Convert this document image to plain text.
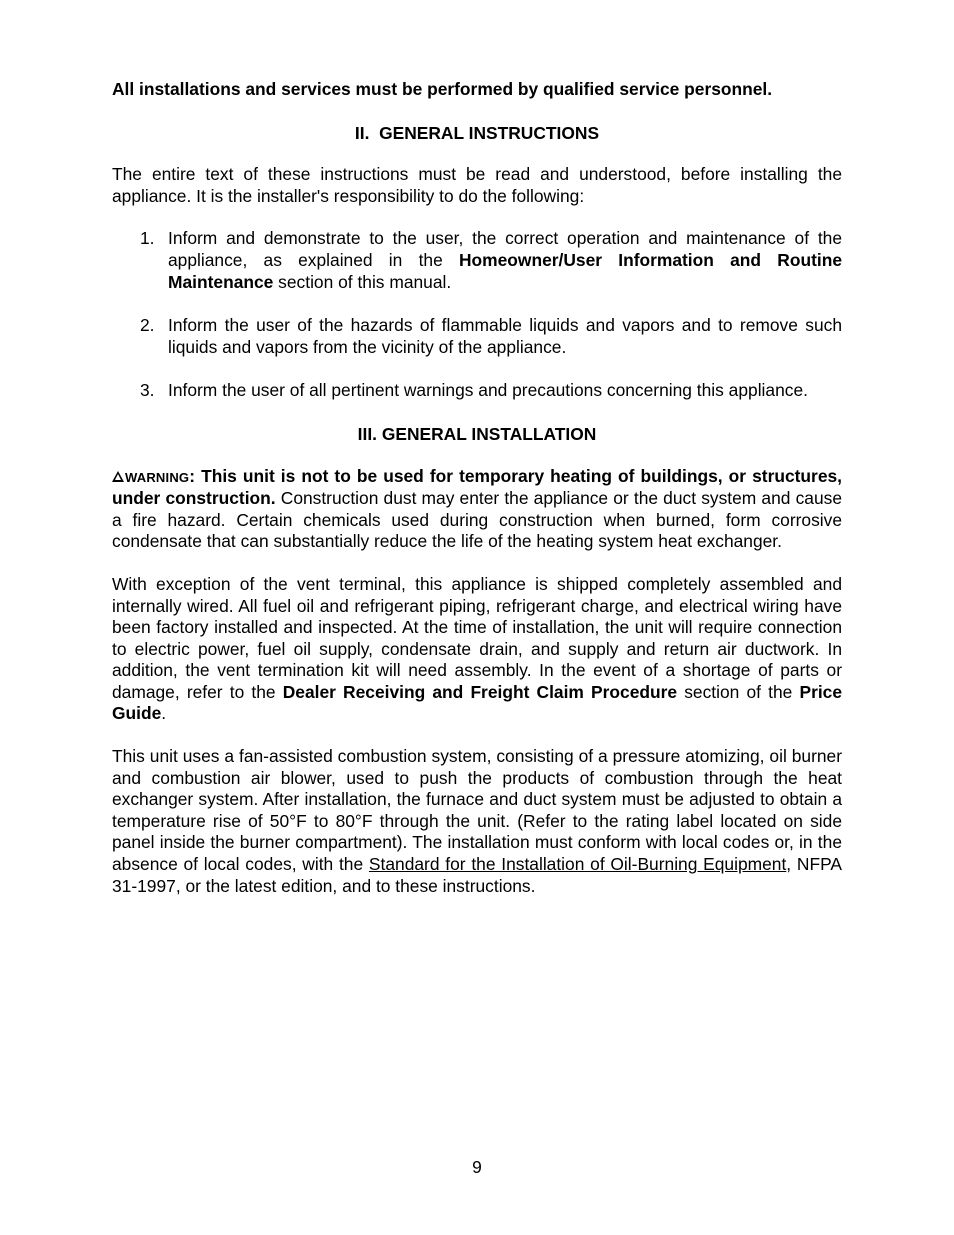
All installations and services must be performed by qualified service personnel.

II.  GENERAL INSTRUCTIONS

The entire text of these instructions must be read and understood, before installing the appliance. It is the installer's responsibility to do the following:

1. Inform and demonstrate to the user, the correct operation and maintenance of the appliance, as explained in the Homeowner/User Information and Routine Maintenance section of this manual.
2. Inform the user of the hazards of flammable liquids and vapors and to remove such liquids and vapors from the vicinity of the appliance.
3. Inform the user of all pertinent warnings and precautions concerning this appliance.

III. GENERAL INSTALLATION

WARNING: This unit is not to be used for temporary heating of buildings, or structures, under construction. Construction dust may enter the appliance or the duct system and cause a fire hazard. Certain chemicals used during construction when burned, form corrosive condensate that can substantially reduce the life of the heating system heat exchanger.

With exception of the vent terminal, this appliance is shipped completely assembled and internally wired. All fuel oil and refrigerant piping, refrigerant charge, and electrical wiring have been factory installed and inspected. At the time of installation, the unit will require connection to electric power, fuel oil supply, condensate drain, and supply and return air ductwork. In addition, the vent termination kit will need assembly. In the event of a shortage of parts or damage, refer to the Dealer Receiving and Freight Claim Procedure section of the Price Guide.

This unit uses a fan-assisted combustion system, consisting of a pressure atomizing, oil burner and combustion air blower, used to push the products of combustion through the heat exchanger system. After installation, the furnace and duct system must be adjusted to obtain a temperature rise of 50°F to 80°F through the unit. (Refer to the rating label located on side panel inside the burner compartment). The installation must conform with local codes or, in the absence of local codes, with the Standard for the Installation of Oil-Burning Equipment, NFPA 31-1997, or the latest edition, and to these instructions.

9
